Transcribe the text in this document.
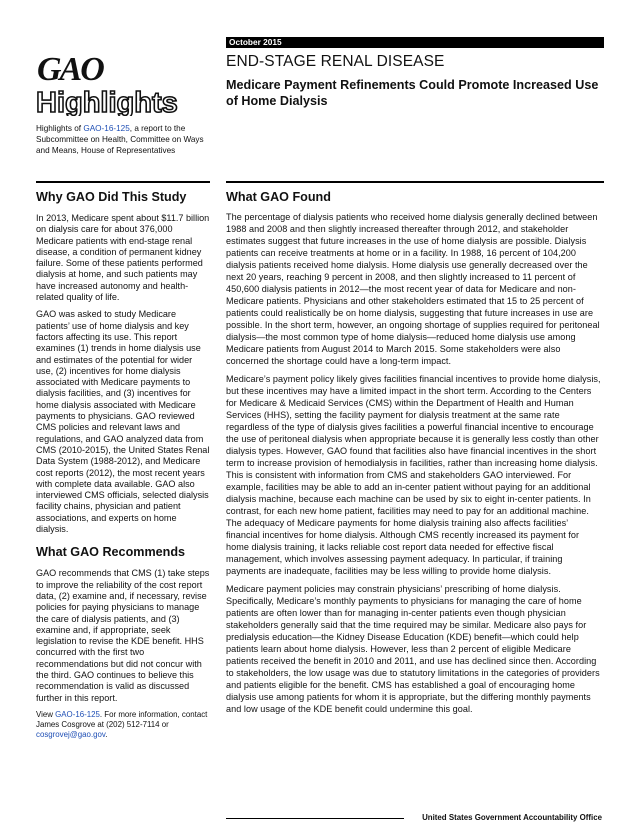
GAO
Highlights
Highlights of GAO-16-125, a report to the Subcommittee on Health, Committee on Ways and Means, House of Representatives
October 2015
END-STAGE RENAL DISEASE
Medicare Payment Refinements Could Promote Increased Use of Home Dialysis
Why GAO Did This Study

In 2013, Medicare spent about $11.7 billion on dialysis care for about 376,000 Medicare patients with end-stage renal disease, a condition of permanent kidney failure. Some of these patients performed dialysis at home, and such patients may have increased autonomy and health-related quality of life.

GAO was asked to study Medicare patients’ use of home dialysis and key factors affecting its use. This report examines (1) trends in home dialysis use and estimates of the potential for wider use, (2) incentives for home dialysis associated with Medicare payments to dialysis facilities, and (3) incentives for home dialysis associated with Medicare payments to physicians. GAO reviewed CMS policies and relevant laws and regulations, and GAO analyzed data from CMS (2010-2015), the United States Renal Data System (1988-2012), and Medicare cost reports (2012), the most recent years with complete data available. GAO also interviewed CMS officials, selected dialysis facility chains, physician and patient associations, and experts on home dialysis.

What GAO Recommends

GAO recommends that CMS (1) take steps to improve the reliability of the cost report data, (2) examine and, if necessary, revise policies for paying physicians to manage the care of dialysis patients, and (3) examine and, if appropriate, seek legislation to revise the KDE benefit. HHS concurred with the first two recommendations but did not concur with the third. GAO continues to believe this recommendation is valid as discussed further in this report.

View GAO-16-125. For more information, contact James Cosgrove at (202) 512-7114 or cosgrovej@gao.gov.
What GAO Found

The percentage of dialysis patients who received home dialysis generally declined between 1988 and 2008 and then slightly increased thereafter through 2012, and stakeholder estimates suggest that future increases in the use of home dialysis are possible. Dialysis patients can receive treatments at home or in a facility. In 1988, 16 percent of 104,200 dialysis patients received home dialysis. Home dialysis use generally decreased over the next 20 years, reaching 9 percent in 2008, and then slightly increased to 11 percent of 450,600 dialysis patients in 2012—the most recent year of data for Medicare and non-Medicare patients. Physicians and other stakeholders estimated that 15 to 25 percent of patients could realistically be on home dialysis, suggesting that future increases in use are possible. In the short term, however, an ongoing shortage of supplies required for peritoneal dialysis—the most common type of home dialysis—reduced home dialysis use among Medicare patients from August 2014 to March 2015. Some stakeholders were also concerned the shortage could have a long-term impact.

Medicare’s payment policy likely gives facilities financial incentives to provide home dialysis, but these incentives may have a limited impact in the short term. According to the Centers for Medicare & Medicaid Services (CMS) within the Department of Health and Human Services (HHS), setting the facility payment for dialysis treatment at the same rate regardless of the type of dialysis gives facilities a powerful financial incentive to encourage the use of peritoneal dialysis when appropriate because it is generally less costly than other dialysis types. However, GAO found that facilities also have financial incentives in the short term to increase provision of hemodialysis in facilities, rather than increasing home dialysis. This is consistent with information from CMS and stakeholders GAO interviewed. For example, facilities may be able to add an in-center patient without paying for an additional dialysis machine, because each machine can be used by six to eight in-center patients. In contrast, for each new home patient, facilities may need to pay for an additional machine. The adequacy of Medicare payments for home dialysis training also affects facilities’ financial incentives for home dialysis. Although CMS recently increased its payment for home dialysis training, it lacks reliable cost report data needed for effective fiscal management, which involves assessing payment adequacy. In particular, if training payments are inadequate, facilities may be less willing to provide home dialysis.

Medicare payment policies may constrain physicians’ prescribing of home dialysis. Specifically, Medicare’s monthly payments to physicians for managing the care of home patients are often lower than for managing in-center patients even though physician stakeholders generally said that the time required may be similar. Medicare also pays for predialysis education—the Kidney Disease Education (KDE) benefit—which could help patients learn about home dialysis. However, less than 2 percent of eligible Medicare patients received the benefit in 2010 and 2011, and use has declined since then. According to stakeholders, the low usage was due to statutory limitations in the categories of providers and patients eligible for the benefit. CMS has established a goal of encouraging home dialysis use among patients for whom it is appropriate, but the differing monthly payments and low usage of the KDE benefit could undermine this goal.

United States Government Accountability Office
